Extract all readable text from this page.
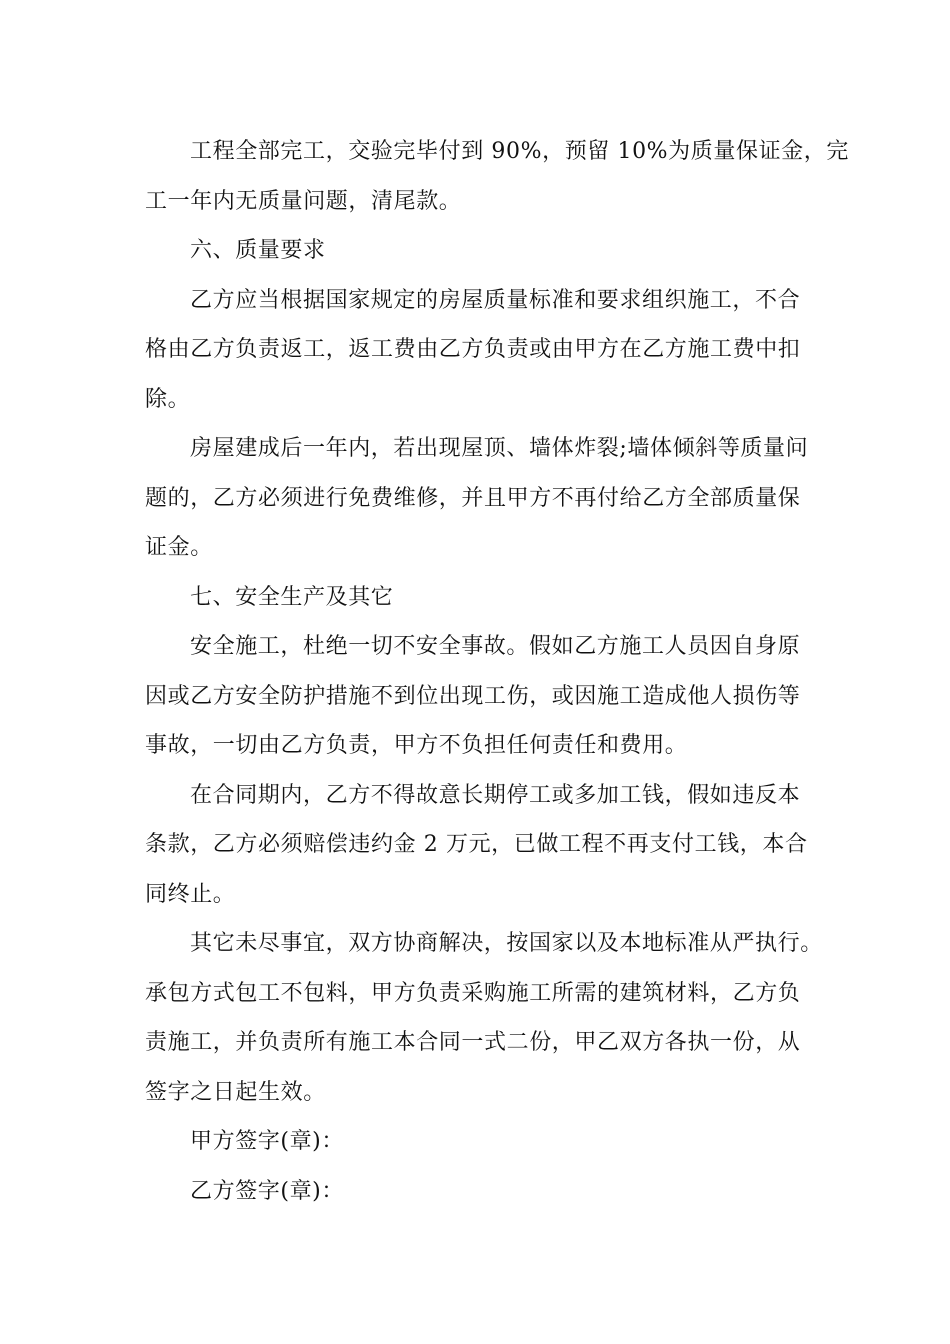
工程全部完工，交验完毕付到 90%，预留 10%为质量保证金，完
工一年内无质量问题，清尾款。
六、质量要求
乙方应当根据国家规定的房屋质量标准和要求组织施工，不合
格由乙方负责返工，返工费由乙方负责或由甲方在乙方施工费中扣
除。
房屋建成后一年内，若出现屋顶、墙体炸裂;墙体倾斜等质量问
题的，乙方必须进行免费维修，并且甲方不再付给乙方全部质量保
证金。
七、安全生产及其它
安全施工，杜绝一切不安全事故。假如乙方施工人员因自身原
因或乙方安全防护措施不到位出现工伤，或因施工造成他人损伤等
事故，一切由乙方负责，甲方不负担任何责任和费用。
在合同期内，乙方不得故意长期停工或多加工钱，假如违反本
条款，乙方必须赔偿违约金 2 万元，已做工程不再支付工钱，本合
同终止。
其它未尽事宜，双方协商解决，按国家以及本地标准从严执行。
承包方式包工不包料，甲方负责采购施工所需的建筑材料，乙方负
责施工，并负责所有施工本合同一式二份，甲乙双方各执一份，从
签字之日起生效。
甲方签字(章)：
乙方签字(章)：
